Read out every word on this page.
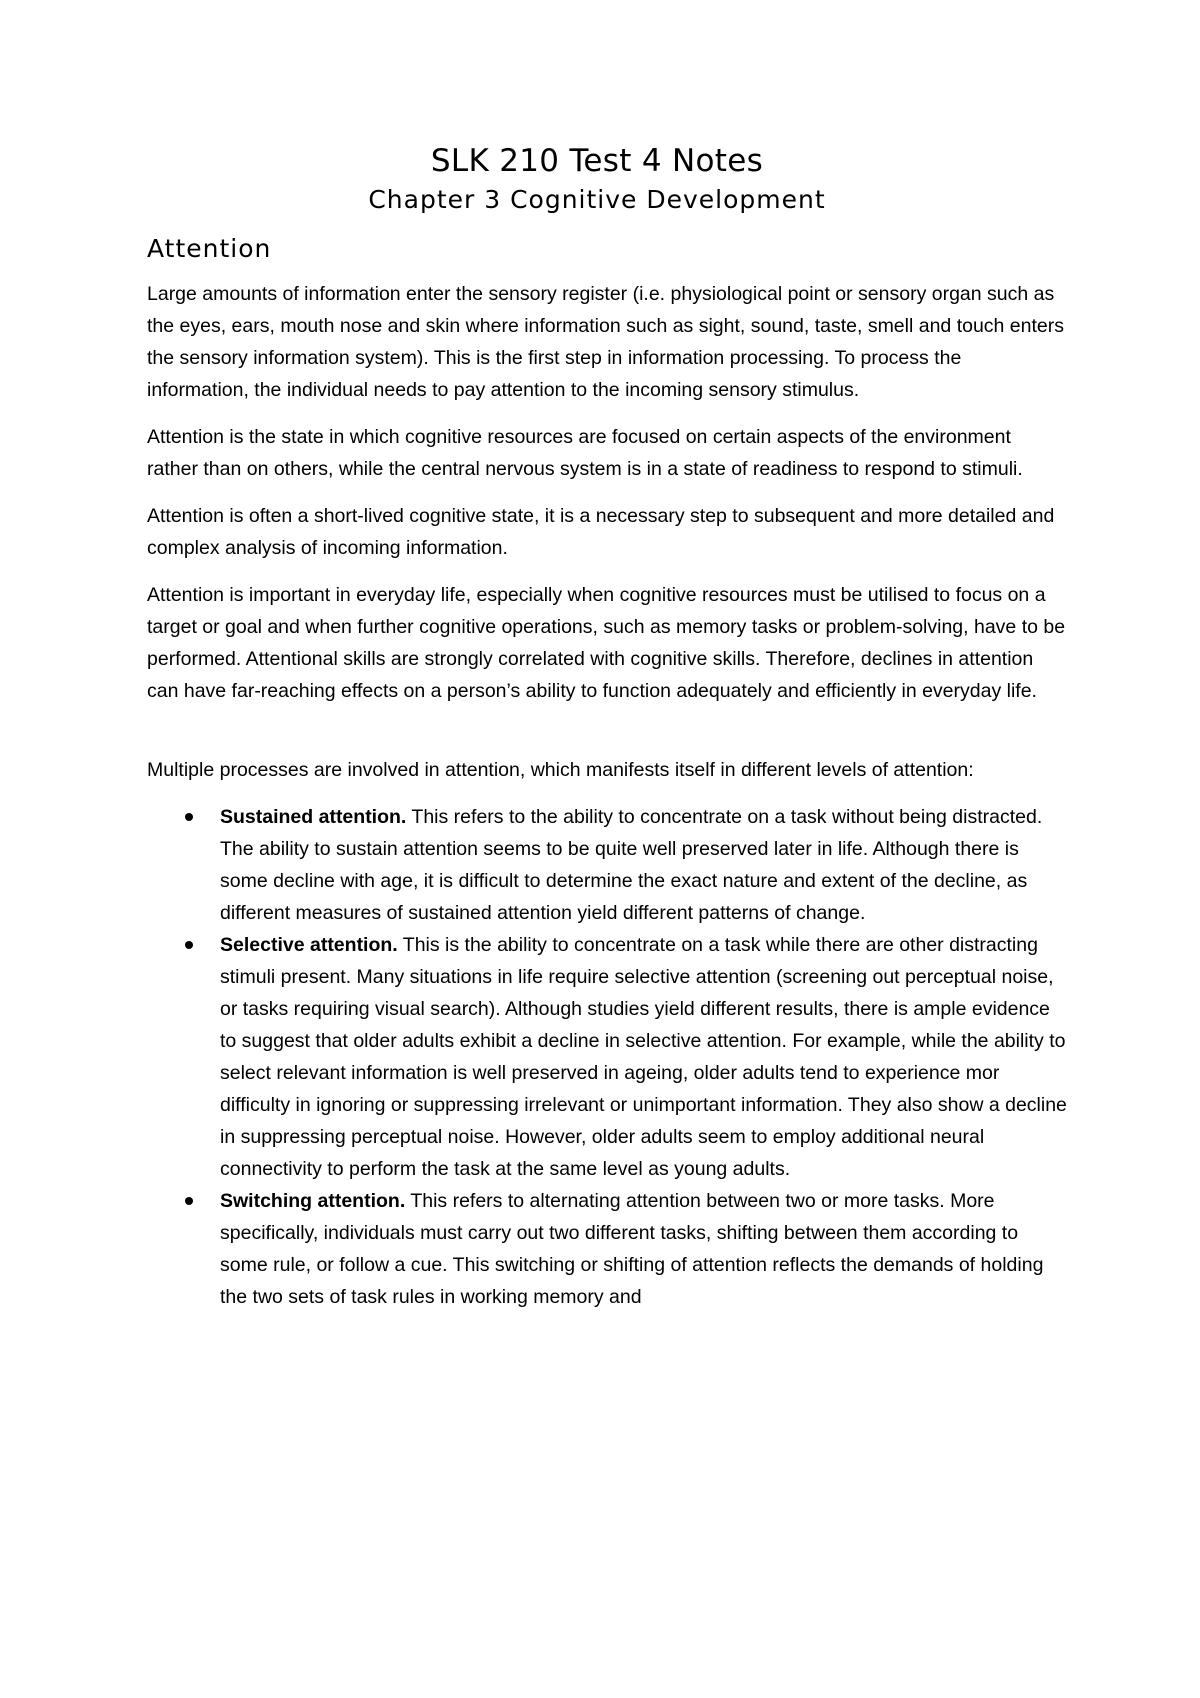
SLK 210 Test 4 Notes
Chapter 3 Cognitive Development
Attention

Large amounts of information enter the sensory register (i.e. physiological point or sensory organ such as the eyes, ears, mouth nose and skin where information such as sight, sound, taste, smell and touch enters the sensory information system). This is the first step in information processing. To process the information, the individual needs to pay attention to the incoming sensory stimulus.

Attention is the state in which cognitive resources are focused on certain aspects of the environment rather than on others, while the central nervous system is in a state of readiness to respond to stimuli.

Attention is often a short-lived cognitive state, it is a necessary step to subsequent and more detailed and complex analysis of incoming information.

Attention is important in everyday life, especially when cognitive resources must be utilised to focus on a target or goal and when further cognitive operations, such as memory tasks or problem-solving, have to be performed. Attentional skills are strongly correlated with cognitive skills. Therefore, declines in attention can have far-reaching effects on a person’s ability to function adequately and efficiently in everyday life.

Multiple processes are involved in attention, which manifests itself in different levels of attention:

Sustained attention. This refers to the ability to concentrate on a task without being distracted. The ability to sustain attention seems to be quite well preserved later in life. Although there is some decline with age, it is difficult to determine the exact nature and extent of the decline, as different measures of sustained attention yield different patterns of change.
Selective attention. This is the ability to concentrate on a task while there are other distracting stimuli present. Many situations in life require selective attention (screening out perceptual noise, or tasks requiring visual search). Although studies yield different results, there is ample evidence to suggest that older adults exhibit a decline in selective attention. For example, while the ability to select relevant information is well preserved in ageing, older adults tend to experience mor difficulty in ignoring or suppressing irrelevant or unimportant information. They also show a decline in suppressing perceptual noise. However, older adults seem to employ additional neural connectivity to perform the task at the same level as young adults.
Switching attention. This refers to alternating attention between two or more tasks. More specifically, individuals must carry out two different tasks, shifting between them according to some rule, or follow a cue. This switching or shifting of attention reflects the demands of holding the two sets of task rules in working memory and
